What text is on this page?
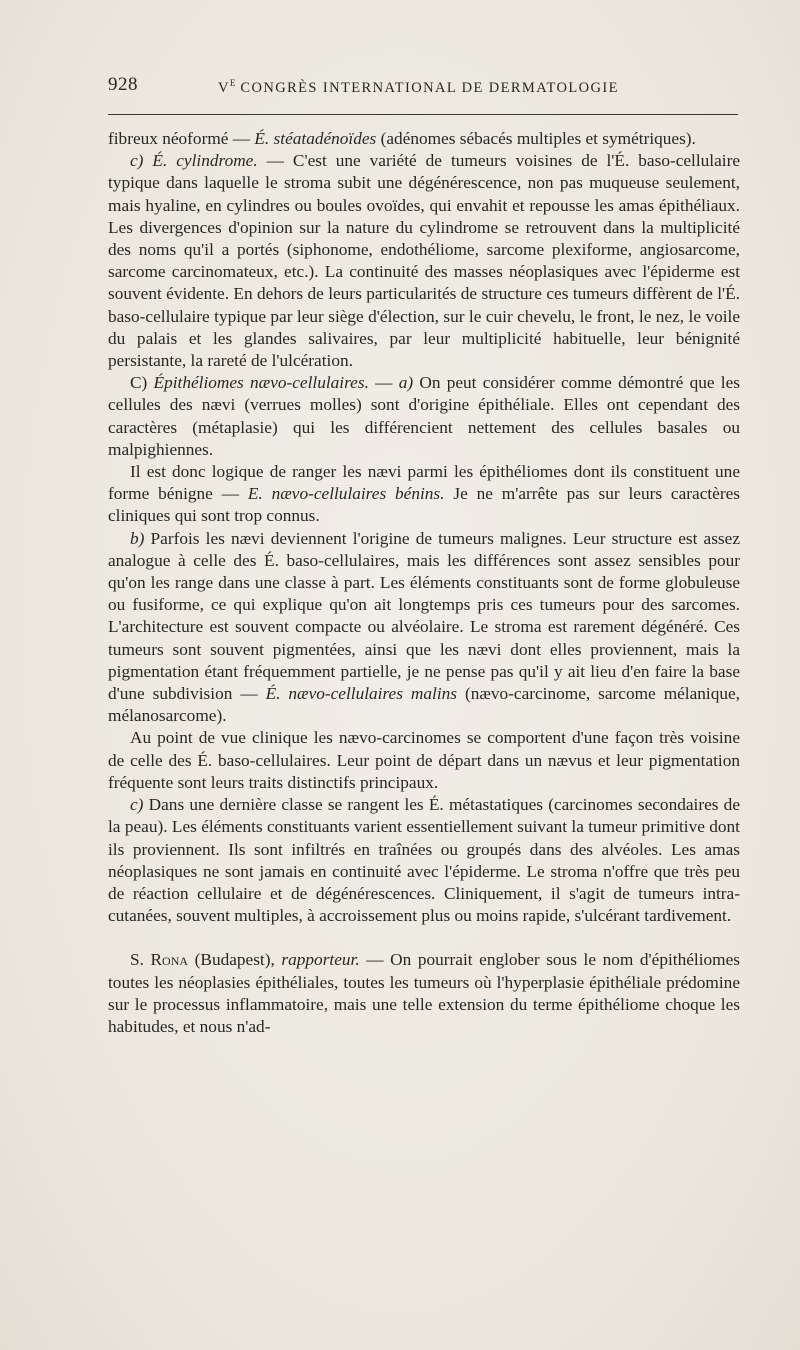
928	$V^E$ CONGRÈS INTERNATIONAL DE DERMATOLOGIE

fibreux néoformé — É. stéatadénoïdes (adénomes sébacés multiples et symétriques).

c) É. cylindrome. — C'est une variété de tumeurs voisines de l'É. baso-cellulaire typique dans laquelle le stroma subit une dégénérescence, non pas muqueuse seulement, mais hyaline, en cylindres ou boules ovoïdes, qui envahit et repousse les amas épithéliaux. Les divergences d'opinion sur la nature du cylindrome se retrouvent dans la multiplicité des noms qu'il a portés (siphonome, endothéliome, sarcome plexiforme, angiosarcome, sarcome carcinomateux, etc.). La continuité des masses néoplasiques avec l'épiderme est souvent évidente. En dehors de leurs particularités de structure ces tumeurs diffèrent de l'É. baso-cellulaire typique par leur siège d'élection, sur le cuir chevelu, le front, le nez, le voile du palais et les glandes salivaires, par leur multiplicité habituelle, leur bénignité persistante, la rareté de l'ulcération.

C) Épithéliomes nævo-cellulaires. — a) On peut considérer comme démontré que les cellules des nævi (verrues molles) sont d'origine épithéliale. Elles ont cependant des caractères (métaplasie) qui les différencient nettement des cellules basales ou malpighiennes.

Il est donc logique de ranger les nævi parmi les épithéliomes dont ils constituent une forme bénigne — E. nævo-cellulaires bénins. Je ne m'arrête pas sur leurs caractères cliniques qui sont trop connus.

b) Parfois les nævi deviennent l'origine de tumeurs malignes. Leur structure est assez analogue à celle des É. baso-cellulaires, mais les différences sont assez sensibles pour qu'on les range dans une classe à part. Les éléments constituants sont de forme globuleuse ou fusiforme, ce qui explique qu'on ait longtemps pris ces tumeurs pour des sarcomes. L'architecture est souvent compacte ou alvéolaire. Le stroma est rarement dégénéré. Ces tumeurs sont souvent pigmentées, ainsi que les nævi dont elles proviennent, mais la pigmentation étant fréquemment partielle, je ne pense pas qu'il y ait lieu d'en faire la base d'une subdivision — É. nævo-cellulaires malins (nævo-carcinome, sarcome mélanique, mélanosarcome).

Au point de vue clinique les nævo-carcinomes se comportent d'une façon très voisine de celle des É. baso-cellulaires. Leur point de départ dans un nævus et leur pigmentation fréquente sont leurs traits distinctifs principaux.

c) Dans une dernière classe se rangent les É. métastatiques (carcinomes secondaires de la peau). Les éléments constituants varient essentiellement suivant la tumeur primitive dont ils proviennent. Ils sont infiltrés en traînées ou groupés dans des alvéoles. Les amas néoplasiques ne sont jamais en continuité avec l'épiderme. Le stroma n'offre que très peu de réaction cellulaire et de dégénérescences. Cliniquement, il s'agit de tumeurs intra-cutanées, souvent multiples, à accroissement plus ou moins rapide, s'ulcérant tardivement.

S. Rona (Budapest), rapporteur. — On pourrait englober sous le nom d'épithéliomes toutes les néoplasies épithéliales, toutes les tumeurs où l'hyperplasie épithéliale prédomine sur le processus inflammatoire, mais une telle extension du terme épithéliome choque les habitudes, et nous n'ad-
